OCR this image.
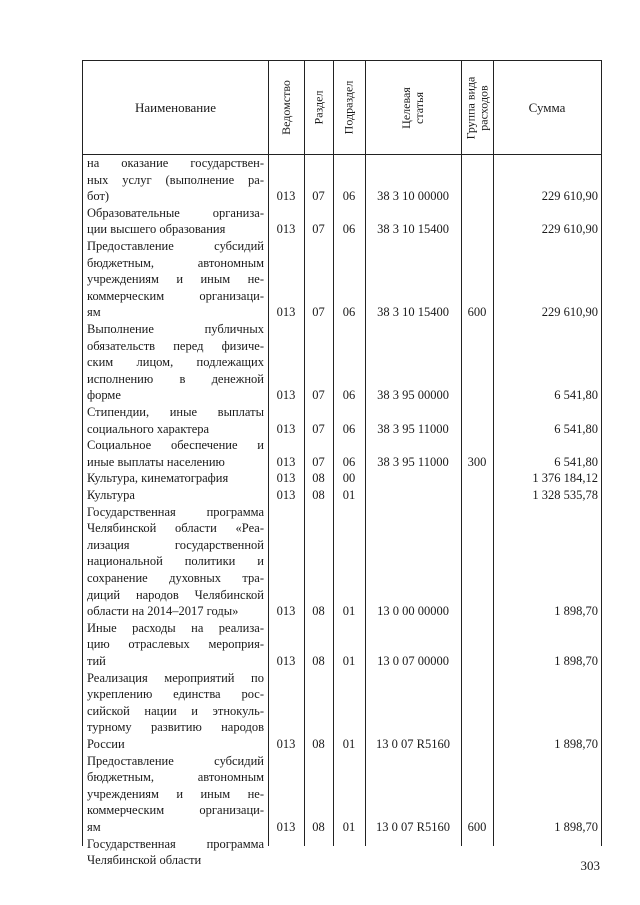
Наименование	Ведомство Раздел Подраздел	Целевая статья	Группа вида расходов	Сумма
на оказание государствен-
ных услуг (выполнение ра-
бот)	013	07	06	38 3 10 00000	229 610,90
Образовательные организа-
ции высшего образования	013	07	06	38 3 10 15400	229 610,90
Предоставление субсидий
бюджетным, автономным
учреждениям и иным не-
коммерческим организаци-
ям	013	07	06	38 3 10 15400	600	229 610,90
Выполнение публичных
обязательств перед физиче-
ским лицом, подлежащих
исполнению в денежной
форме	013	07	06	38 3 95 00000	6 541,80
Стипендии, иные выплаты
социального характера	013	07	06	38 3 95 11000	6 541,80
Социальное обеспечение и
иные выплаты населению	013	07	06	38 3 95 11000	300	6 541,80
Культура, кинематография	013	08	00	1 376 184,12
Культура	013	08	01	1 328 535,78
Государственная программа
Челябинской области «Реа-
лизация государственной
национальной политики и
сохранение духовных тра-
диций народов Челябинской
области на 2014–2017 годы»	013	08	01	13 0 00 00000	1 898,70
Иные расходы на реализа-
цию отраслевых мероприя-
тий	013	08	01	13 0 07 00000	1 898,70
Реализация мероприятий по
укреплению единства рос-
сийской нации и этнокуль-
турному развитию народов
России	013	08	01	13 0 07 R5160	1 898,70
Предоставление субсидий
бюджетным, автономным
учреждениям и иным не-
коммерческим организаци-
ям	013	08	01	13 0 07 R5160	600	1 898,70
Государственная программа
Челябинской области	303
